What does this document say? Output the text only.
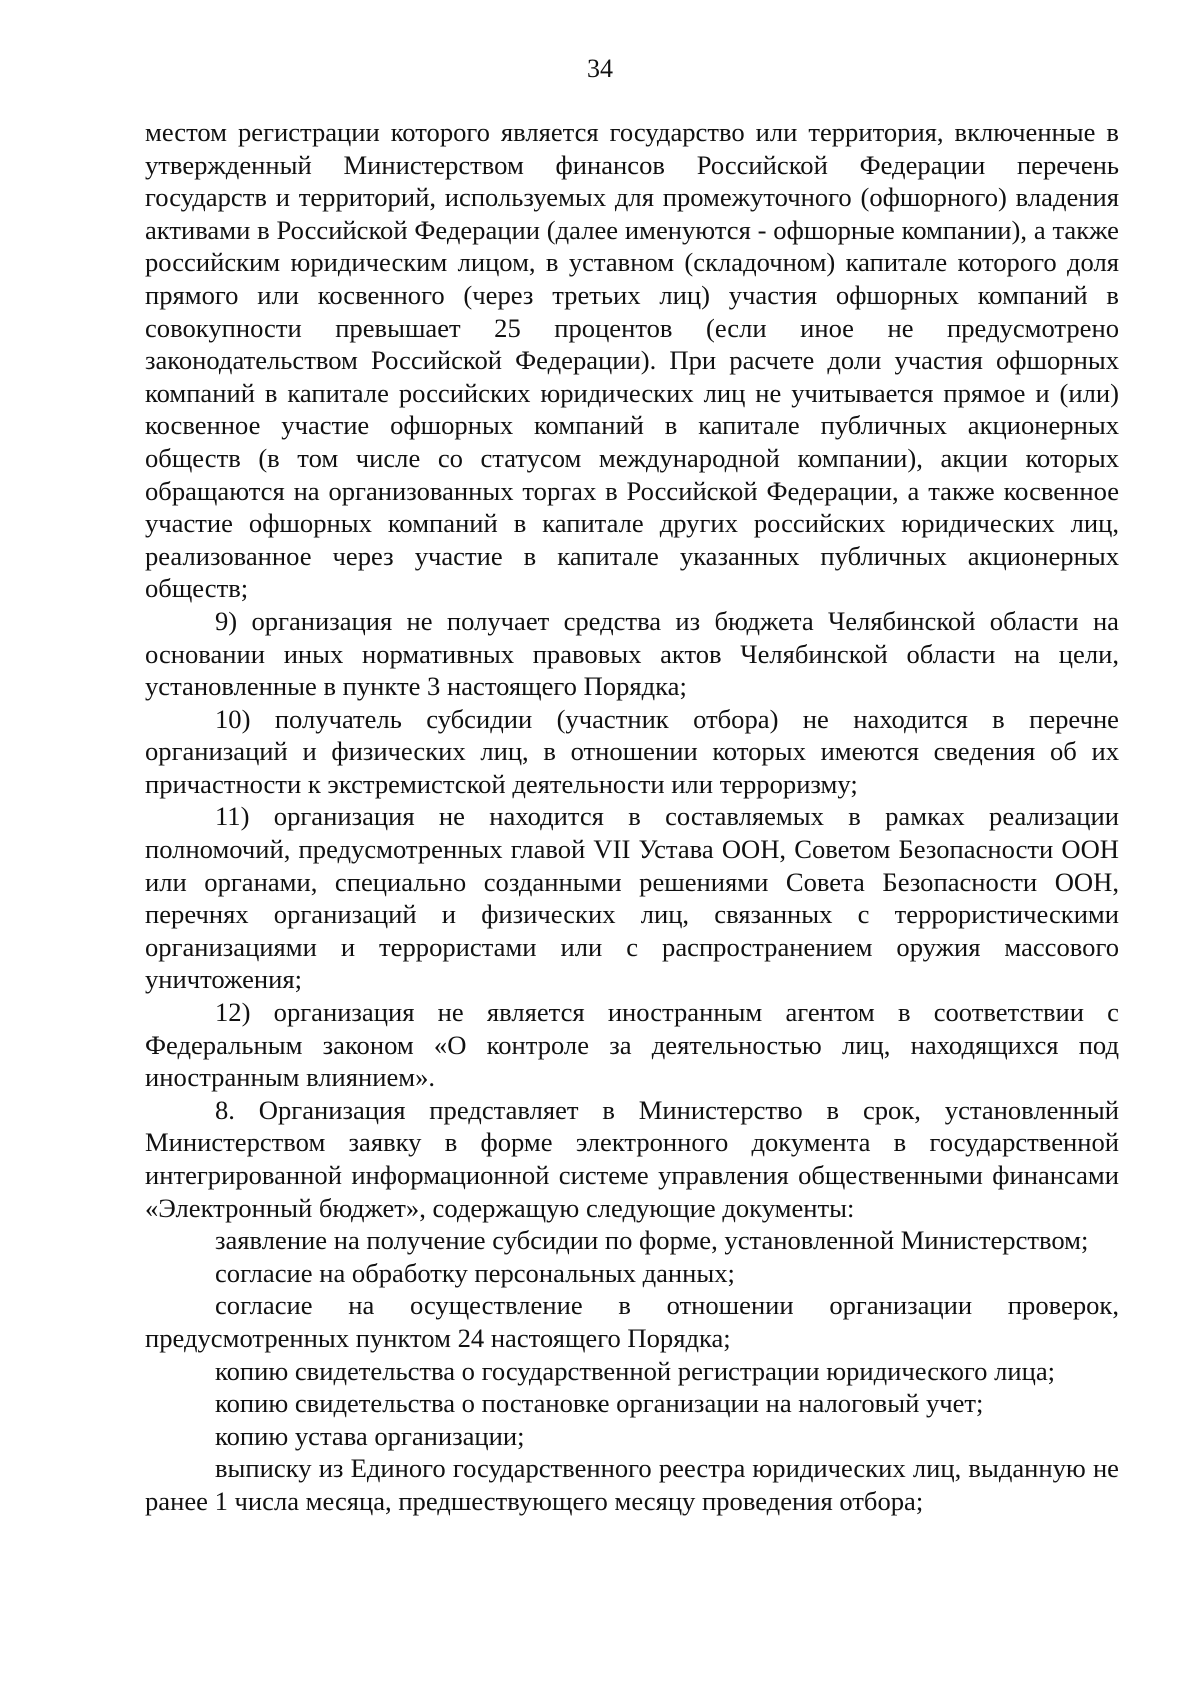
34

местом регистрации которого является государство или территория, включенные в утвержденный Министерством финансов Российской Федерации перечень государств и территорий, используемых для промежуточного (офшорного) владения активами в Российской Федерации (далее именуются - офшорные компании), а также российским юридическим лицом, в уставном (складочном) капитале которого доля прямого или косвенного (через третьих лиц) участия офшорных компаний в совокупности превышает 25 процентов (если иное не предусмотрено законодательством Российской Федерации). При расчете доли участия офшорных компаний в капитале российских юридических лиц не учитывается прямое и (или) косвенное участие офшорных компаний в капитале публичных акционерных обществ (в том числе со статусом международной компании), акции которых обращаются на организованных торгах в Российской Федерации, а также косвенное участие офшорных компаний в капитале других российских юридических лиц, реализованное через участие в капитале указанных публичных акционерных обществ;

9) организация не получает средства из бюджета Челябинской области на основании иных нормативных правовых актов Челябинской области на цели, установленные в пункте 3 настоящего Порядка;

10) получатель субсидии (участник отбора) не находится в перечне организаций и физических лиц, в отношении которых имеются сведения об их причастности к экстремистской деятельности или терроризму;

11) организация не находится в составляемых в рамках реализации полномочий, предусмотренных главой VII Устава ООН, Советом Безопасности ООН или органами, специально созданными решениями Совета Безопасности ООН, перечнях организаций и физических лиц, связанных с террористическими организациями и террористами или с распространением оружия массового уничтожения;

12) организация не является иностранным агентом в соответствии с Федеральным законом «О контроле за деятельностью лиц, находящихся под иностранным влиянием».

8. Организация представляет в Министерство в срок, установленный Министерством заявку в форме электронного документа в государственной интегрированной информационной системе управления общественными финансами «Электронный бюджет», содержащую следующие документы:

заявление на получение субсидии по форме, установленной Министерством;

согласие на обработку персональных данных;

согласие на осуществление в отношении организации проверок, предусмотренных пунктом 24 настоящего Порядка;

копию свидетельства о государственной регистрации юридического лица;

копию свидетельства о постановке организации на налоговый учет;

копию устава организации;

выписку из Единого государственного реестра юридических лиц, выданную не ранее 1 числа месяца, предшествующего месяцу проведения отбора;
